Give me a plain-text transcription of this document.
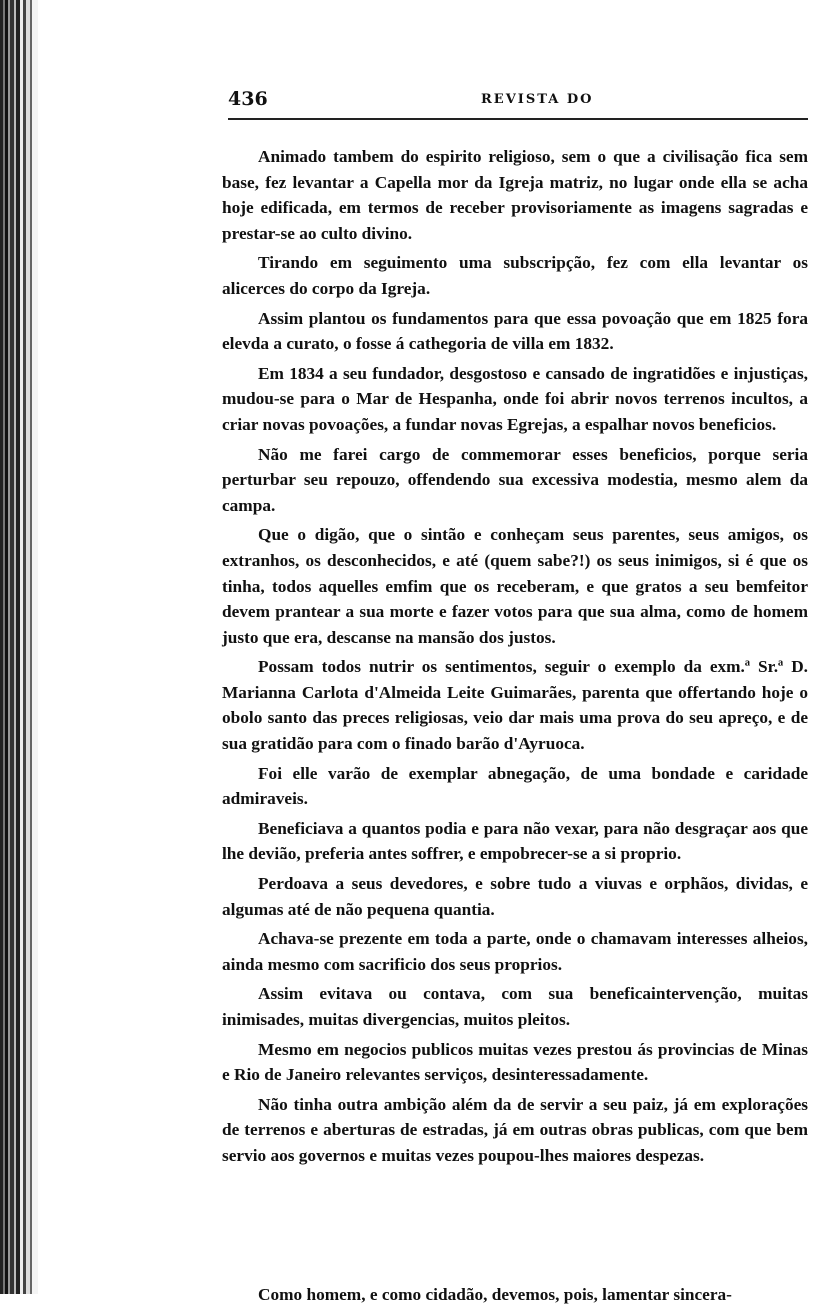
436	REVISTA DO

Animado tambem do espirito religioso, sem o que a civilisação fica sem base, fez levantar a Capella mor da Igreja matriz, no lugar onde ella se acha hoje edificada, em termos de receber provisoriamente as imagens sagradas e prestar-se ao culto divino.

Tirando em seguimento uma subscripção, fez com ella levantar os alicerces do corpo da Igreja.

Assim plantou os fundamentos para que essa povoação que em 1825 fora elevda a curato, o fosse á cathegoria de villa em 1832.

Em 1834 a seu fundador, desgostoso e cansado de ingratidões e injustiças, mudou-se para o Mar de Hespanha, onde foi abrir novos terrenos incultos, a criar novas povoações, a fundar novas Egrejas, a espalhar novos beneficios.

Não me farei cargo de commemorar esses beneficios, porque seria perturbar seu repouzo, offendendo sua excessiva modestia, mesmo alem da campa.

Que o digão, que o sintão e conheçam seus parentes, seus amigos, os extranhos, os desconhecidos, e até (quem sabe?!) os seus inimigos, si é que os tinha, todos aquelles emfim que os receberam, e que gratos a seu bemfeitor devem prantear a sua morte e fazer votos para que sua alma, como de homem justo que era, descanse na mansão dos justos.

Possam todos nutrir os sentimentos, seguir o exemplo da exm.ª Sr.ª D. Marianna Carlota d'Almeida Leite Guimarães, parenta que offertando hoje o obolo santo das preces religiosas, veio dar mais uma prova do seu apreço, e de sua gratidão para com o finado barão d'Ayruoca.

Foi elle varão de exemplar abnegação, de uma bondade e caridade admiraveis.

Beneficiava a quantos podia e para não vexar, para não desgraçar aos que lhe devião, preferia antes soffrer, e empobrecer-se a si proprio.

Perdoava a seus devedores, e sobre tudo a viuvas e orphãos, dividas, e algumas até de não pequena quantia.

Achava-se prezente em toda a parte, onde o chamavam interesses alheios, ainda mesmo com sacrificio dos seus proprios.

Assim evitava ou contava, com sua beneficaintervenção, muitas inimisades, muitas divergencias, muitos pleitos.

Mesmo em negocios publicos muitas vezes prestou ás provincias de Minas e Rio de Janeiro relevantes serviços, desinteressadamente.

Não tinha outra ambição além da de servir a seu paiz, já em explorações de terrenos e aberturas de estradas, já em outras obras publicas, com que bem servio aos governos e muitas vezes poupou-lhes maiores despezas.

Como homem, e como cidadão, devemos, pois, lamentar sincera-
